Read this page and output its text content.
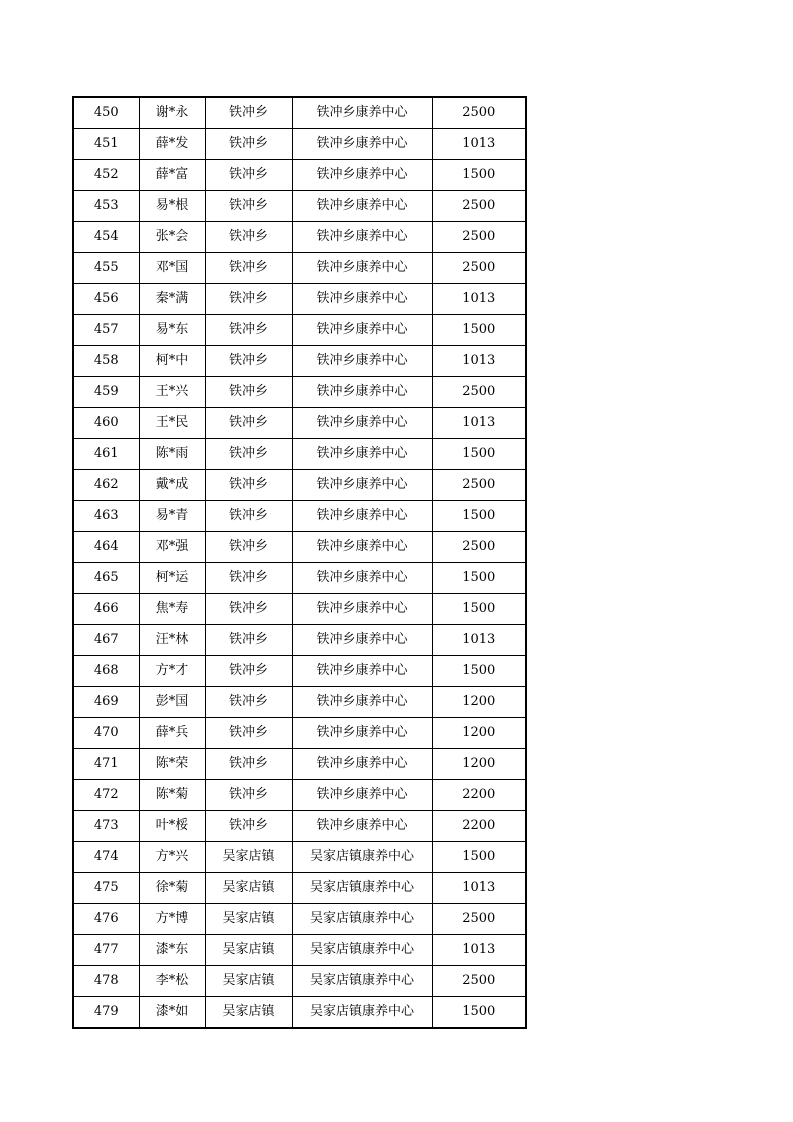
450	谢*永	铁冲乡	铁冲乡康养中心	2500
451	薛*发	铁冲乡	铁冲乡康养中心	1013
452	薛*富	铁冲乡	铁冲乡康养中心	1500
453	易*根	铁冲乡	铁冲乡康养中心	2500
454	张*会	铁冲乡	铁冲乡康养中心	2500
455	邓*国	铁冲乡	铁冲乡康养中心	2500
456	秦*满	铁冲乡	铁冲乡康养中心	1013
457	易*东	铁冲乡	铁冲乡康养中心	1500
458	柯*中	铁冲乡	铁冲乡康养中心	1013
459	王*兴	铁冲乡	铁冲乡康养中心	2500
460	王*民	铁冲乡	铁冲乡康养中心	1013
461	陈*雨	铁冲乡	铁冲乡康养中心	1500
462	戴*成	铁冲乡	铁冲乡康养中心	2500
463	易*青	铁冲乡	铁冲乡康养中心	1500
464	邓*强	铁冲乡	铁冲乡康养中心	2500
465	柯*运	铁冲乡	铁冲乡康养中心	1500
466	焦*寿	铁冲乡	铁冲乡康养中心	1500
467	汪*林	铁冲乡	铁冲乡康养中心	1013
468	方*才	铁冲乡	铁冲乡康养中心	1500
469	彭*国	铁冲乡	铁冲乡康养中心	1200
470	薛*兵	铁冲乡	铁冲乡康养中心	1200
471	陈*荣	铁冲乡	铁冲乡康养中心	1200
472	陈*菊	铁冲乡	铁冲乡康养中心	2200
473	叶*桵	铁冲乡	铁冲乡康养中心	2200
474	方*兴	吴家店镇	吴家店镇康养中心	1500
475	徐*菊	吴家店镇	吴家店镇康养中心	1013
476	方*博	吴家店镇	吴家店镇康养中心	2500
477	漆*东	吴家店镇	吴家店镇康养中心	1013
478	李*松	吴家店镇	吴家店镇康养中心	2500
479	漆*如	吴家店镇	吴家店镇康养中心	1500
